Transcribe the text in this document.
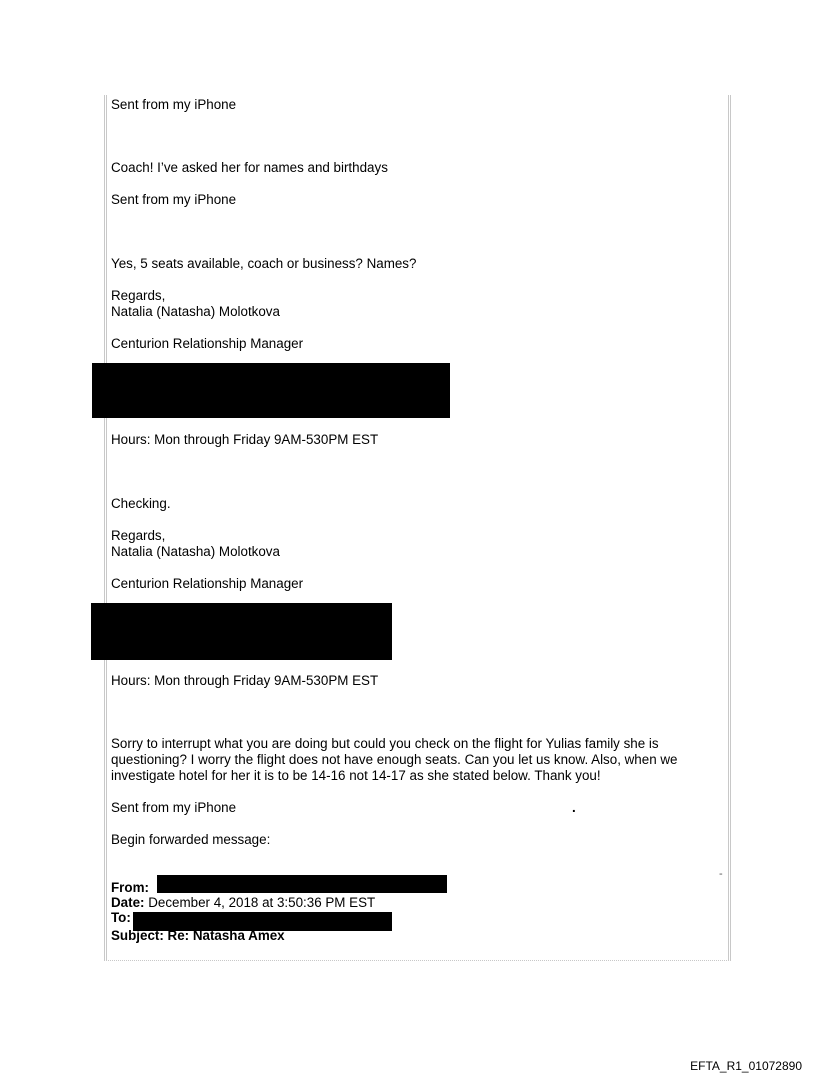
Sent from my iPhone
Coach! I’ve asked her for names and birthdays
Sent from my iPhone
Yes, 5 seats available, coach or business? Names?
Regards,
Natalia (Natasha) Molotkova
Centurion Relationship Manager
Hours: Mon through Friday 9AM-530PM EST
Checking.
Regards,
Natalia (Natasha) Molotkova
Centurion Relationship Manager
Hours: Mon through Friday 9AM-530PM EST
Sorry to interrupt what you are doing but could you check on the flight for Yulias family she is questioning? I worry the flight does not have enough seats. Can you let us know. Also, when we investigate hotel for her it is to be 14-16 not 14-17 as she stated below. Thank you!
Sent from my iPhone	.
Begin forwarded message:
-
From:
Date: December 4, 2018 at 3:50:36 PM EST
To:
Subject: Re: Natasha Amex
EFTA_R1_01072890
